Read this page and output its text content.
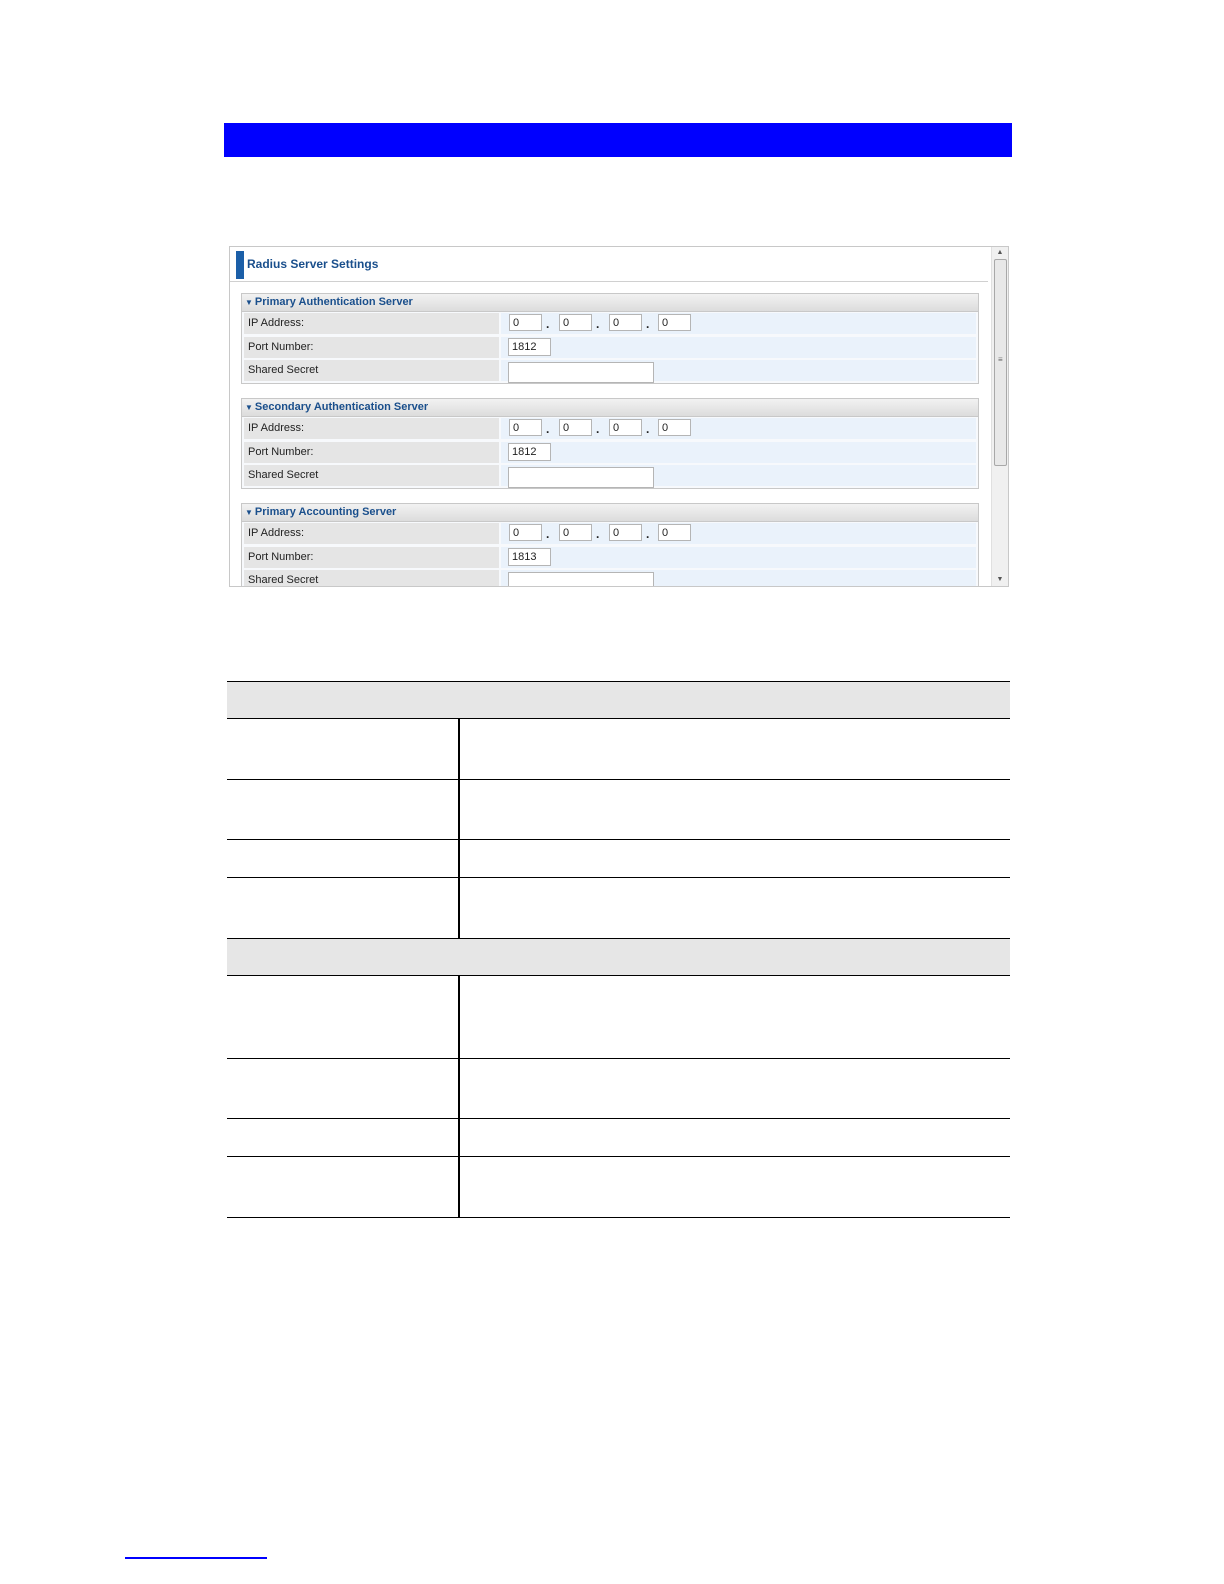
Radius Server Settings
▼ Primary Authentication Server
IP Address:	0	.	0	.	0	.	0
Port Number:	1812
Shared Secret
▼ Secondary Authentication Server
IP Address:	0	.	0	.	0	.	0
Port Number:	1812
Shared Secret
▼ Primary Accounting Server
IP Address:	0	.	0	.	0	.	0
Port Number:	1813
Shared Secret
▲
≡
▼
